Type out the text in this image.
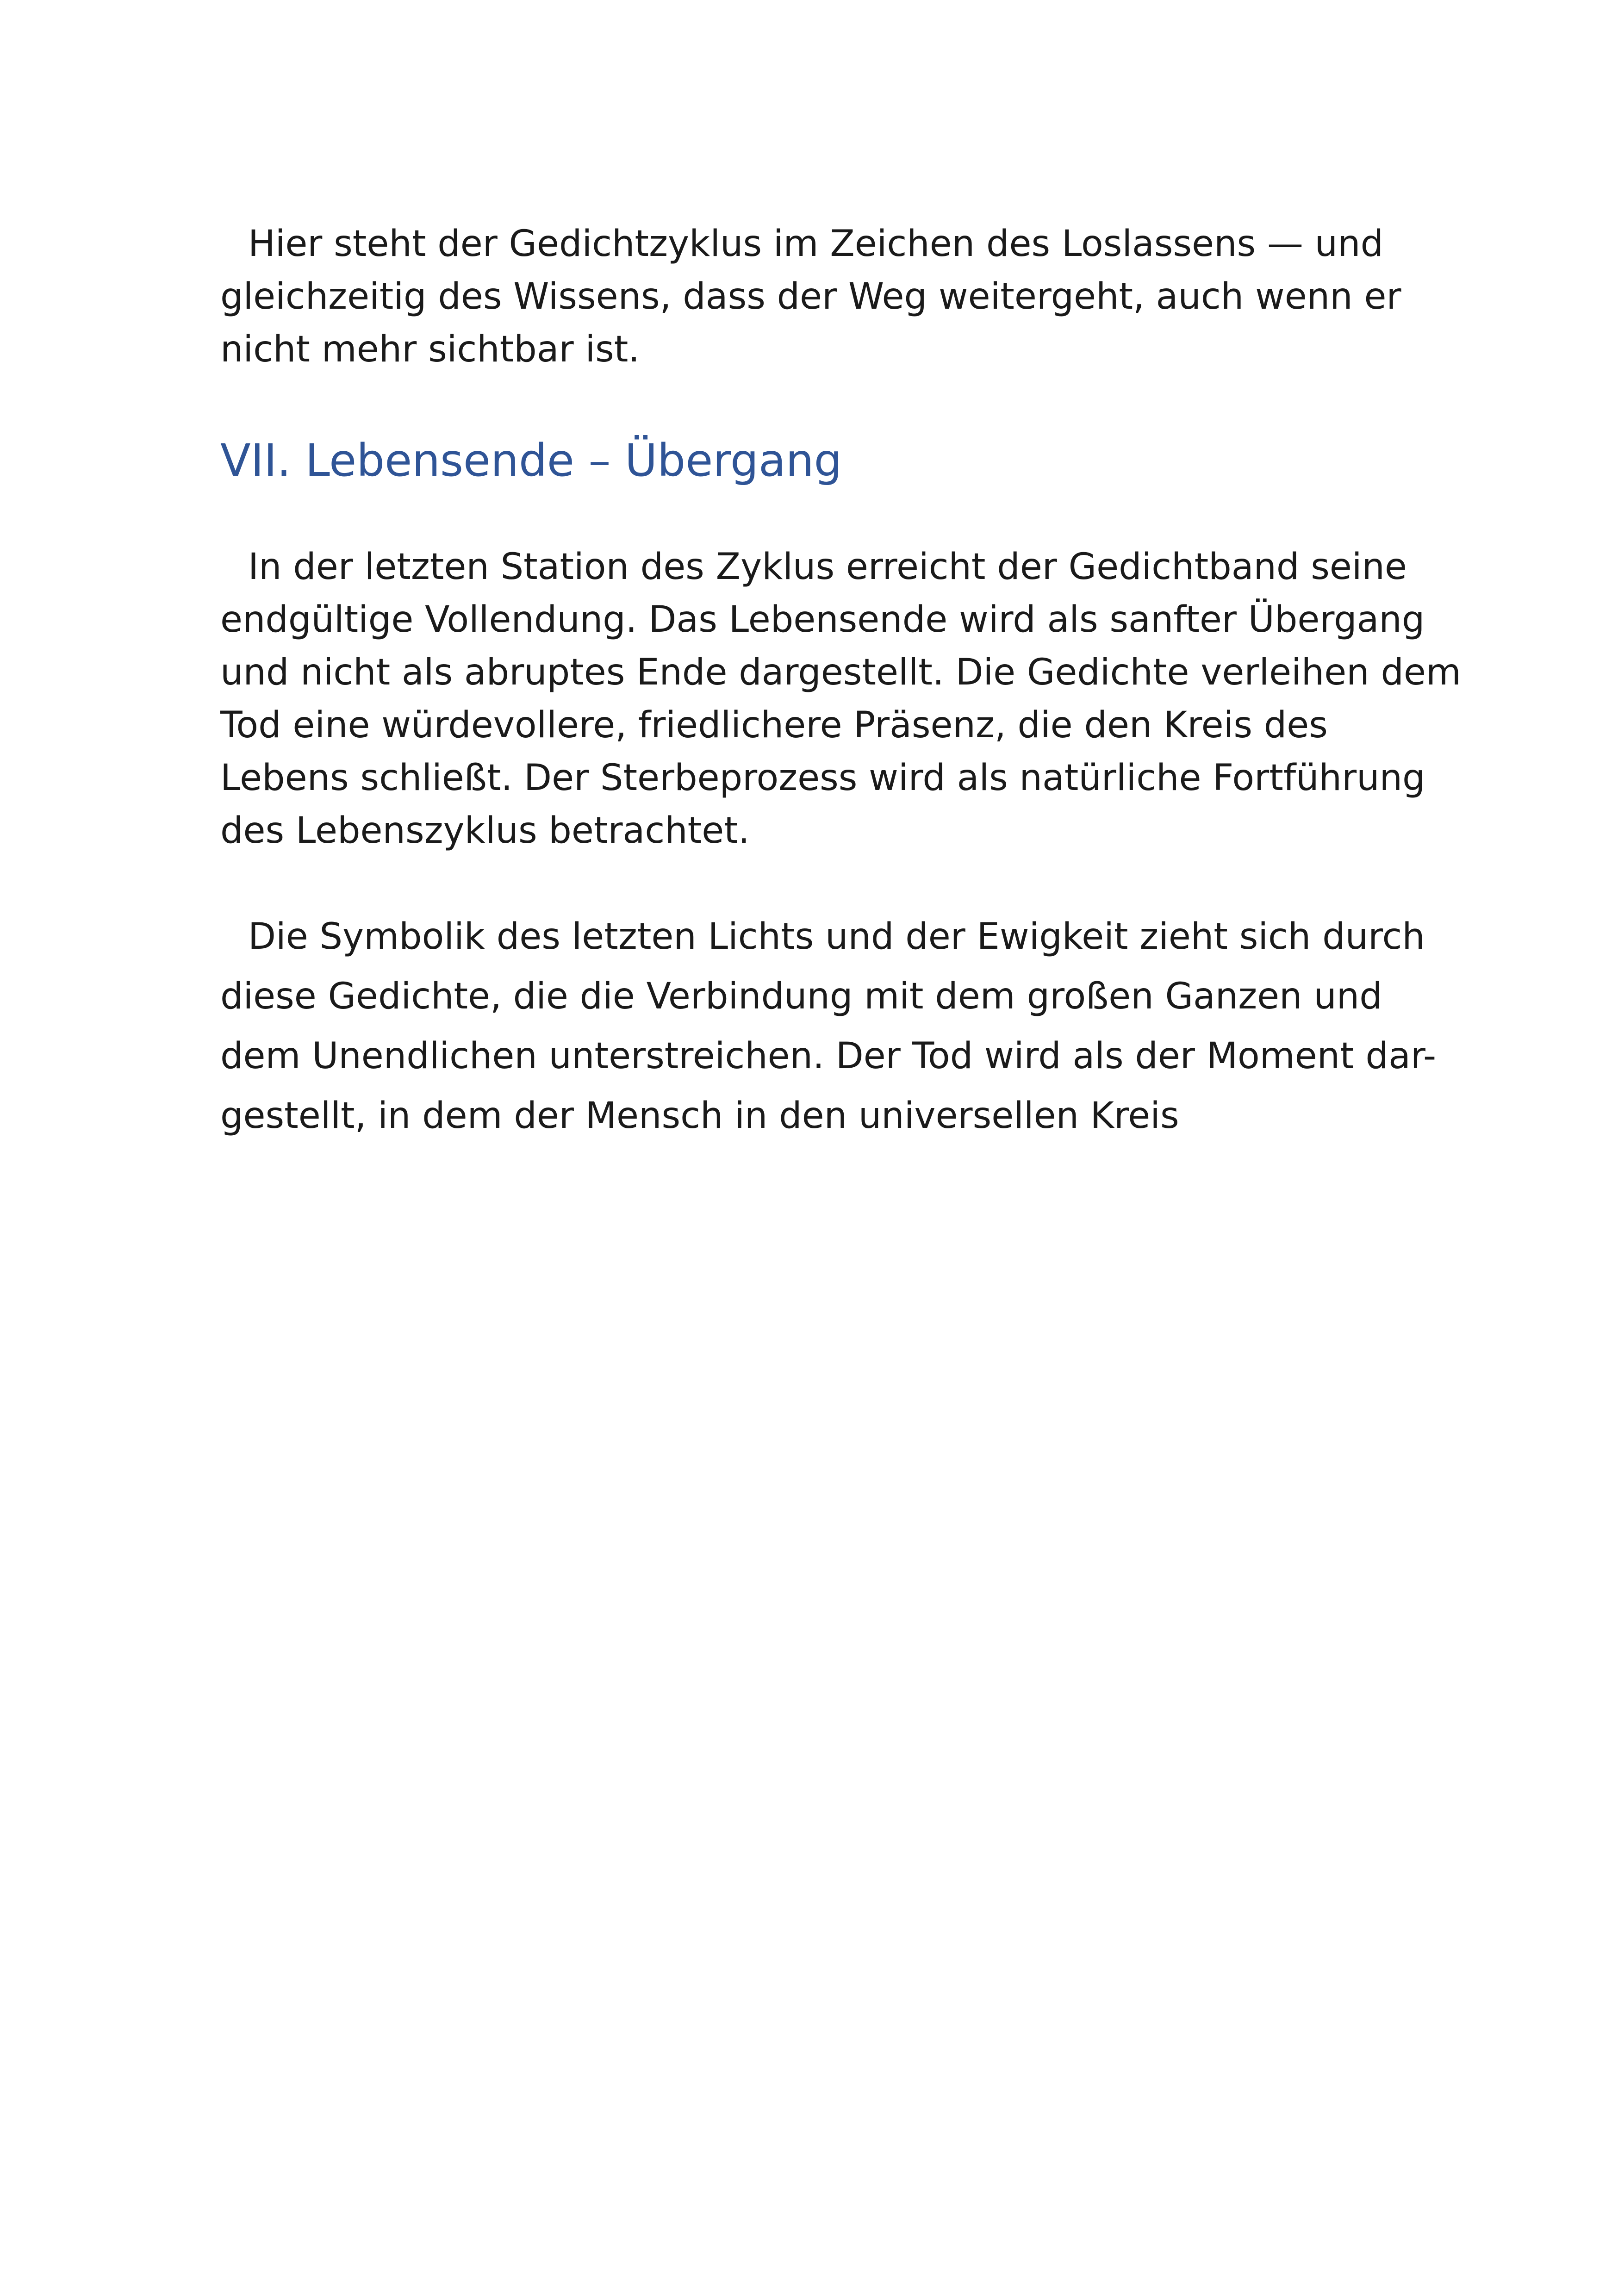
Hier steht der Gedichtzyklus im Zeichen des Loslassens — und
gleichzeitig des Wissens, dass der Weg weitergeht, auch wenn er
nicht mehr sichtbar ist.

VII. Lebensende – Übergang

In der letzten Station des Zyklus erreicht der Gedichtband seine
endgültige Vollendung. Das Lebensende wird als sanfter Übergang
und nicht als abruptes Ende dargestellt. Die Gedichte verleihen dem
Tod eine würdevollere, friedlichere Präsenz, die den Kreis des
Lebens schließt. Der Sterbeprozess wird als natürliche Fortführung
des Lebenszyklus betrachtet.

Die Symbolik des letzten Lichts und der Ewigkeit zieht sich durch
diese Gedichte, die die Verbindung mit dem großen Ganzen und
dem Unendlichen unterstreichen. Der Tod wird als der Moment dar-
gestellt, in dem der Mensch in den universellen Kreis
